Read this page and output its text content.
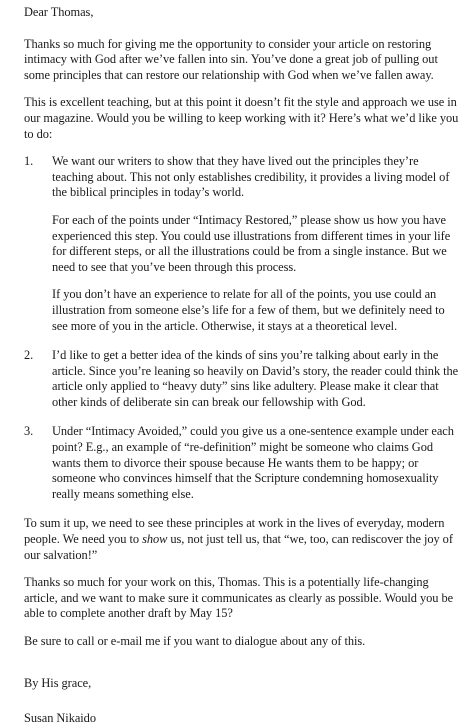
Dear Thomas,

Thanks so much for giving me the opportunity to consider your article on restoring intimacy with God after we’ve fallen into sin. You’ve done a great job of pulling out some principles that can restore our relationship with God when we’ve fallen away.

This is excellent teaching, but at this point it doesn’t fit the style and approach we use in our magazine. Would you be willing to keep working with it? Here’s what we’d like you to do:

1. We want our writers to show that they have lived out the principles they’re teaching about. This not only establishes credibility, it provides a living model of the biblical principles in today’s world.

For each of the points under “Intimacy Restored,” please show us how you have experienced this step. You could use illustrations from different times in your life for different steps, or all the illustrations could be from a single instance. But we need to see that you’ve been through this process.

If you don’t have an experience to relate for all of the points, you use could an illustration from someone else’s life for a few of them, but we definitely need to see more of you in the article. Otherwise, it stays at a theoretical level.

2. I’d like to get a better idea of the kinds of sins you’re talking about early in the article. Since you’re leaning so heavily on David’s story, the reader could think the article only applied to “heavy duty” sins like adultery. Please make it clear that other kinds of deliberate sin can break our fellowship with God.

3. Under “Intimacy Avoided,” could you give us a one-sentence example under each point? E.g., an example of “re-definition” might be someone who claims God wants them to divorce their spouse because He wants them to be happy; or someone who convinces himself that the Scripture condemning homosexuality really means something else.

To sum it up, we need to see these principles at work in the lives of everyday, modern people. We need you to show us, not just tell us, that “we, too, can rediscover the joy of our salvation!”

Thanks so much for your work on this, Thomas. This is a potentially life-changing article, and we want to make sure it communicates as clearly as possible. Would you be able to complete another draft by May 15?

Be sure to call or e-mail me if you want to dialogue about any of this.

By His grace,

Susan Nikaido
